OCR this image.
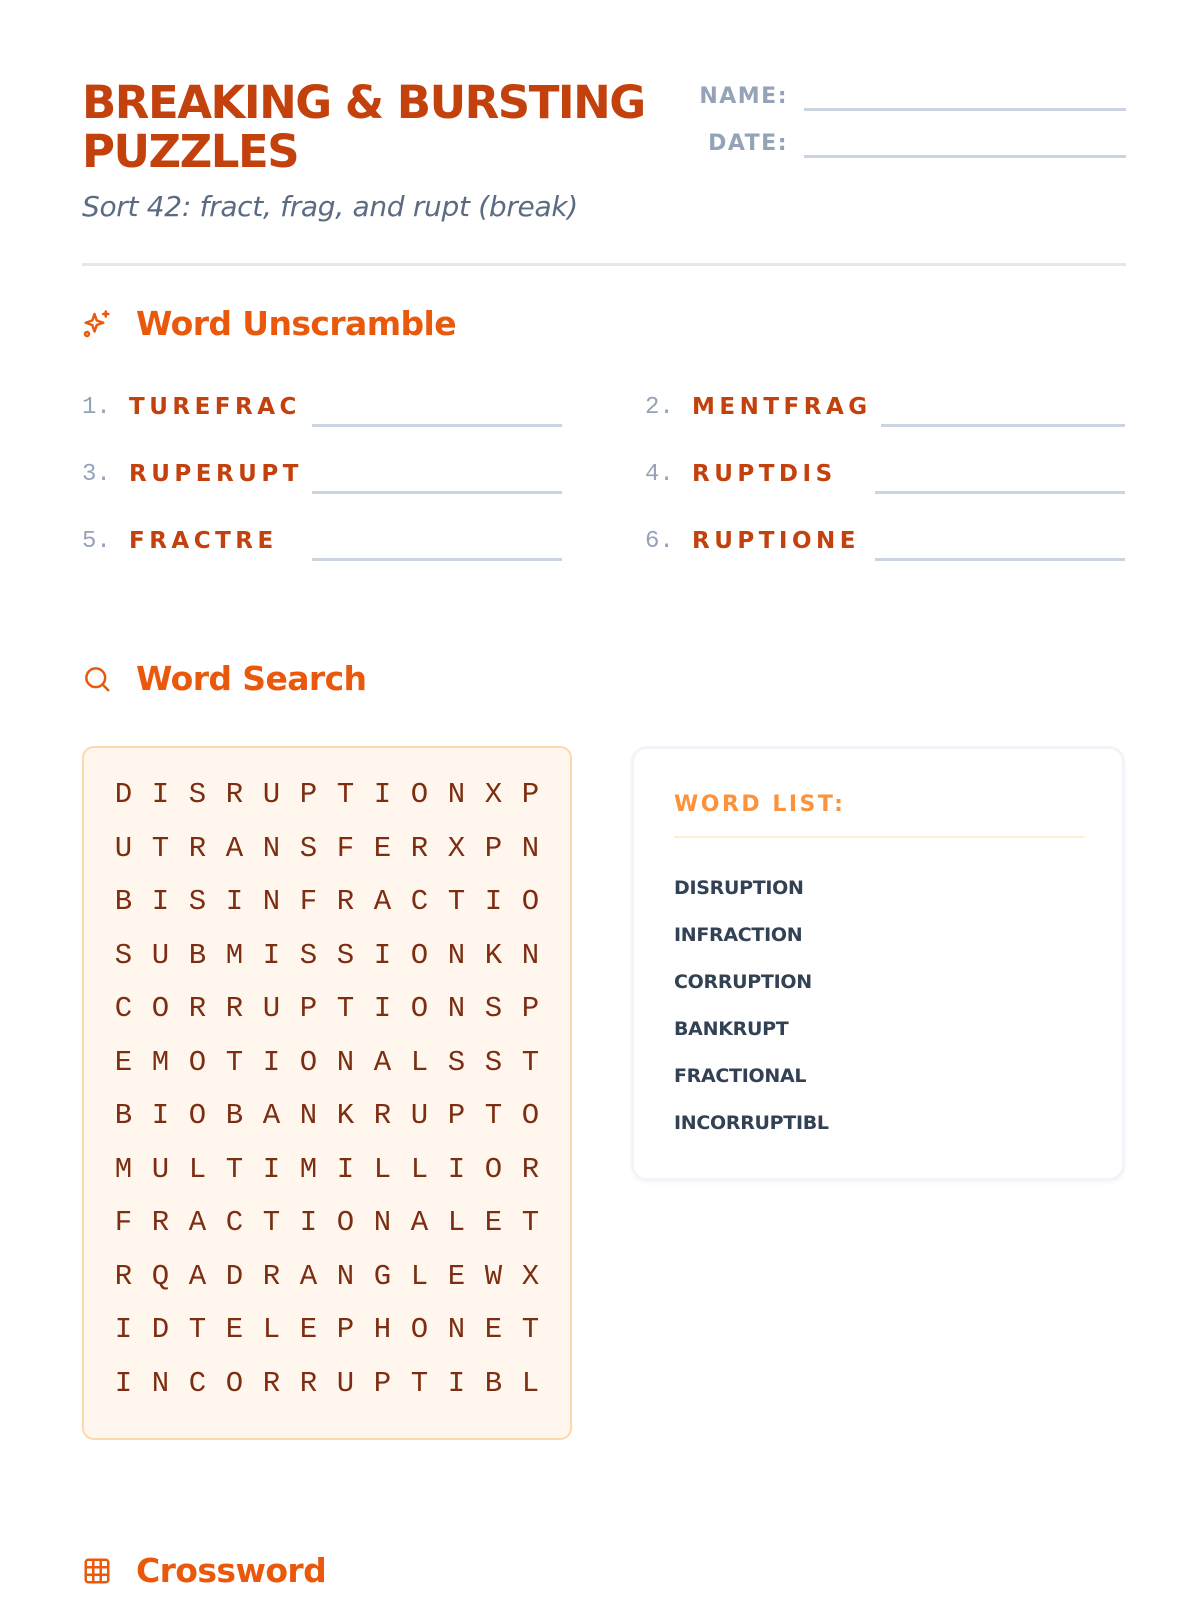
BREAKING & BURSTING PUZZLES

Sort 42: fract, frag, and rupt (break)

NAME:
DATE:
Word Unscramble
1. TUREFRAC	2. MENTFRAG
3. RUPERUPT	4. RUPTDIS
5. FRACTRE	6. RUPTIONE
Word Search
D	I	S	R	U	P	T	I	O	N	X	P
U	T	R	A	N	S	F	E	R	X	P	N
B	I	S	I	N	F	R	A	C	T	I	O
S	U	B	M	I	S	S	I	O	N	K	N
C	O	R	R	U	P	T	I	O	N	S	P
E	M	O	T	I	O	N	A	L	S	S	T
B	I	O	B	A	N	K	R	U	P	T	O
M	U	L	T	I	M	I	L	L	I	O	R
F	R	A	C	T	I	O	N	A	L	E	T
R	Q	A	D	R	A	N	G	L	E	W	X
I	D	T	E	L	E	P	H	O	N	E	T
I	N	C	O	R	R	U	P	T	I	B	L
WORD LIST:
DISRUPTION
INFRACTION
CORRUPTION
BANKRUPT
FRACTIONAL
INCORRUPTIBL
Crossword
